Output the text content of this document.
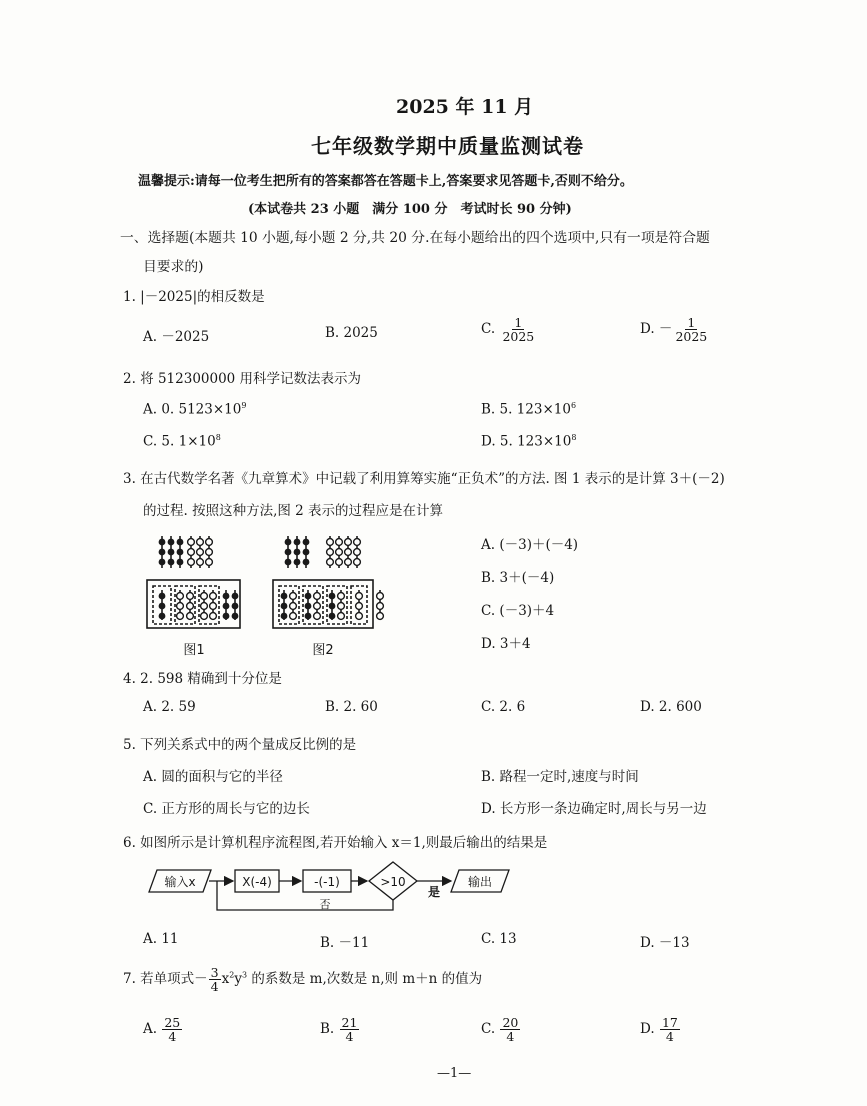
2025 年 11 月
七年级数学期中质量监测试卷
温馨提示:请每一位考生把所有的答案都答在答题卡上,答案要求见答题卡,否则不给分。
(本试卷共 23 小题　满分 100 分　考试时长 90 分钟)
一、选择题(本题共 10 小题,每小题 2 分,共 20 分.在每小题给出的四个选项中,只有一项是符合题
目要求的)
1. |－2025|的相反数是
A. －2025	B. 2025	C. $\frac{1}{2025}$	D. － $\frac{1}{2025}$
2. 将 512300000 用科学记数法表示为
A. 0. $5123\times 10^9$	B. 5. $123\times 10^6$
C. 5. $1\times 10^8$	D. 5. $123\times 10^8$
3. 在古代数学名著《九章算术》中记载了利用算筹实施“正负术”的方法. 图 1 表示的是计算 3＋(－2)
的过程. 按照这种方法,图 2 表示的过程应是在计算
图1	图2
A. (－3)＋(－4)
B. 3＋(－4)
C. (－3)＋4
D. 3＋4
4. 2. 598 精确到十分位是
A. 2. 59	B. 2. 60	C. 2. 6	D. 2. 600
5. 下列关系式中的两个量成反比例的是
A. 圆的面积与它的半径	B. 路程一定时,速度与时间
C. 正方形的周长与它的边长	D. 长方形一条边确定时,周长与另一边
6. 如图所示是计算机程序流程图,若开始输入 x＝1,则最后输出的结果是
输入x	X(-4)	-(-1)	>10
是
否
输出
A. 11	B. －11	C. 13	D. －13
7. 若单项式－ $\frac{3}{4} x^2y^3$ 的系数是 m,次数是 n,则 m＋n 的值为
A. $\frac{25}{4}$	B. $\frac{21}{4}$	C. $\frac{20}{4}$	D. $\frac{17}{4}$
—1—
